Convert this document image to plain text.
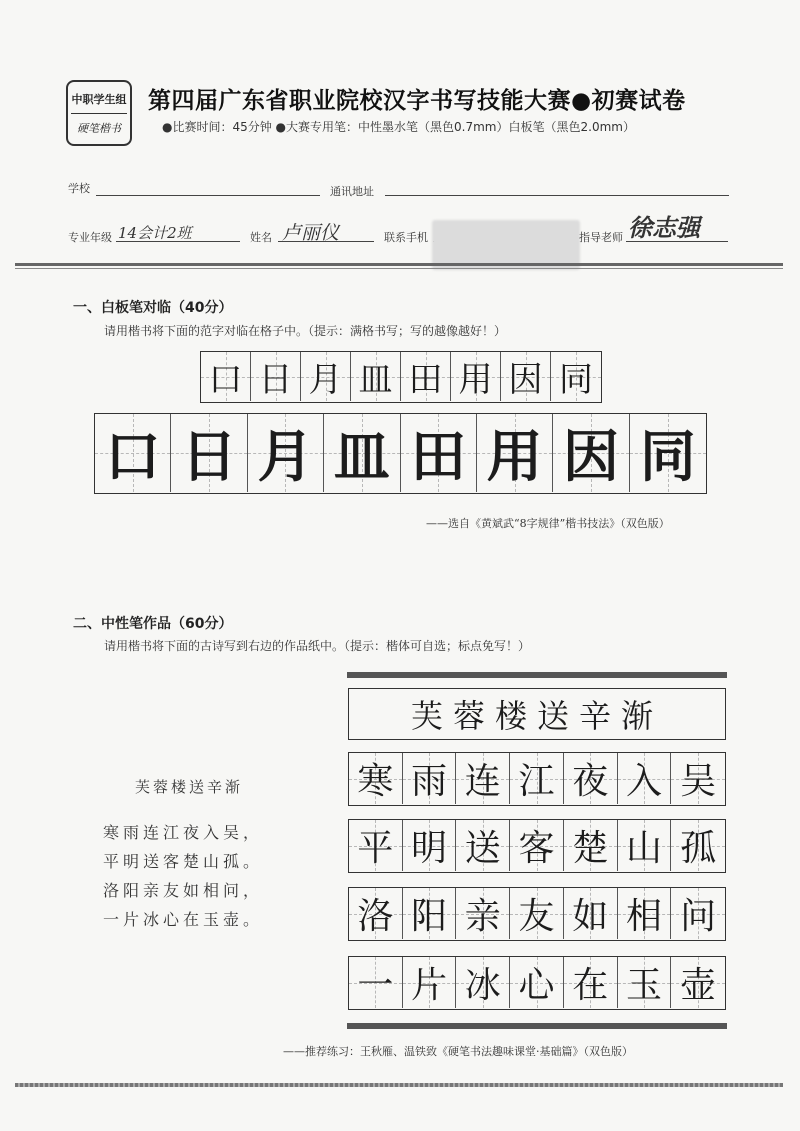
中职学生组
硬笔楷书
第四届广东省职业院校汉字书写技能大赛●初赛试卷
●比赛时间：45分钟 ●大赛专用笔：中性墨水笔（黑色0.7mm）白板笔（黑色2.0mm）
学校	通讯地址
专业年级 14会计2班	姓名 卢丽仪	联系手机	指导老师 徐志强
一、白板笔对临（40分）
请用楷书将下面的范字对临在格子中。（提示：满格书写；写的越像越好！）
口 日 月 皿 田 用 因 同
口 日 月 皿 田 用 因 同
——选自《黄斌武“8字规律”楷书技法》（双色版）
二、中性笔作品（60分）
请用楷书将下面的古诗写到右边的作品纸中。（提示：楷体可自选；标点免写！）
芙蓉楼送辛渐
寒雨连江夜入吴，
平明送客楚山孤。
洛阳亲友如相问，
一片冰心在玉壶。
芙蓉楼送辛渐
寒 雨 连 江 夜 入 吴
平 明 送 客 楚 山 孤
洛 阳 亲 友 如 相 问
一 片 冰 心 在 玉 壶
——推荐练习：王秋雁、温铁致《硬笔书法趣味课堂·基础篇》（双色版）
